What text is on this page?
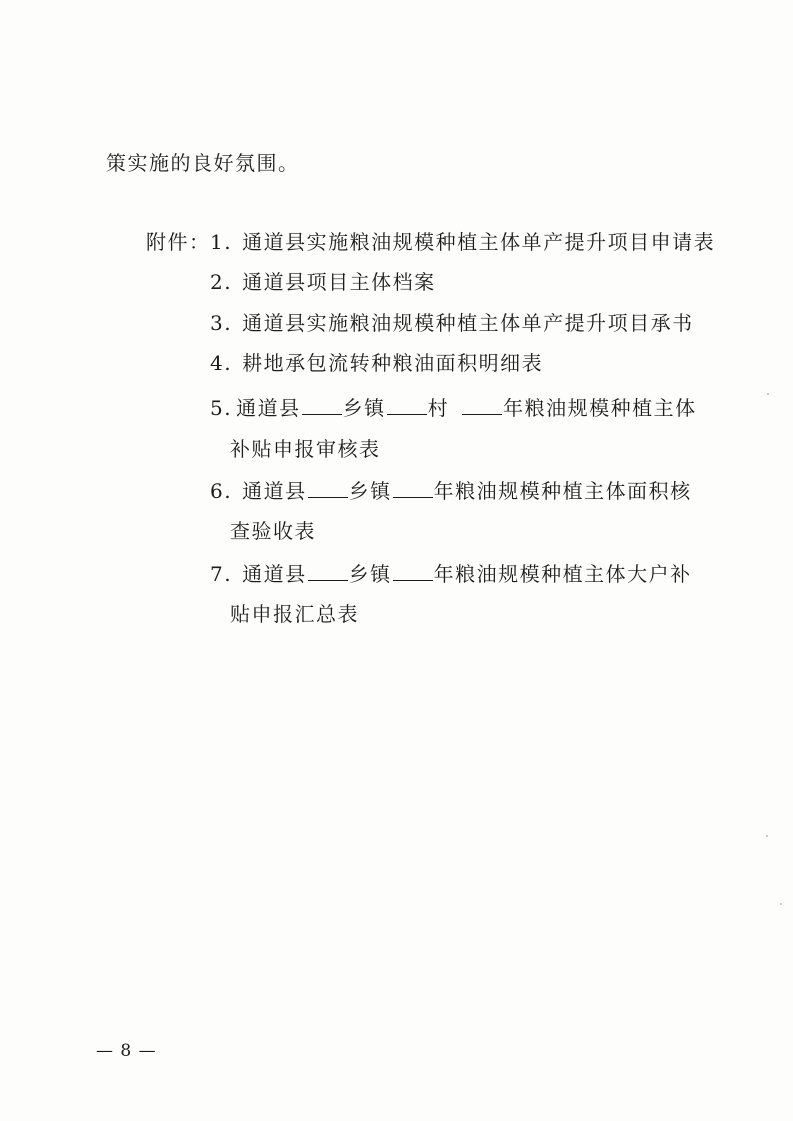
策实施的良好氛围。
附件： 1. 通道县实施粮油规模种植主体单产提升项目申请表
2. 通道县项目主体档案
3. 通道县实施粮油规模种植主体单产提升项目承书
4. 耕地承包流转种粮油面积明细表
5. 通道县 乡镇 村	年粮油规模种植主体
补贴申报审核表
6. 通道县 乡镇 年粮油规模种植主体面积核
查验收表
7. 通道县 乡镇 年粮油规模种植主体大户补
贴申报汇总表
— 8 —
